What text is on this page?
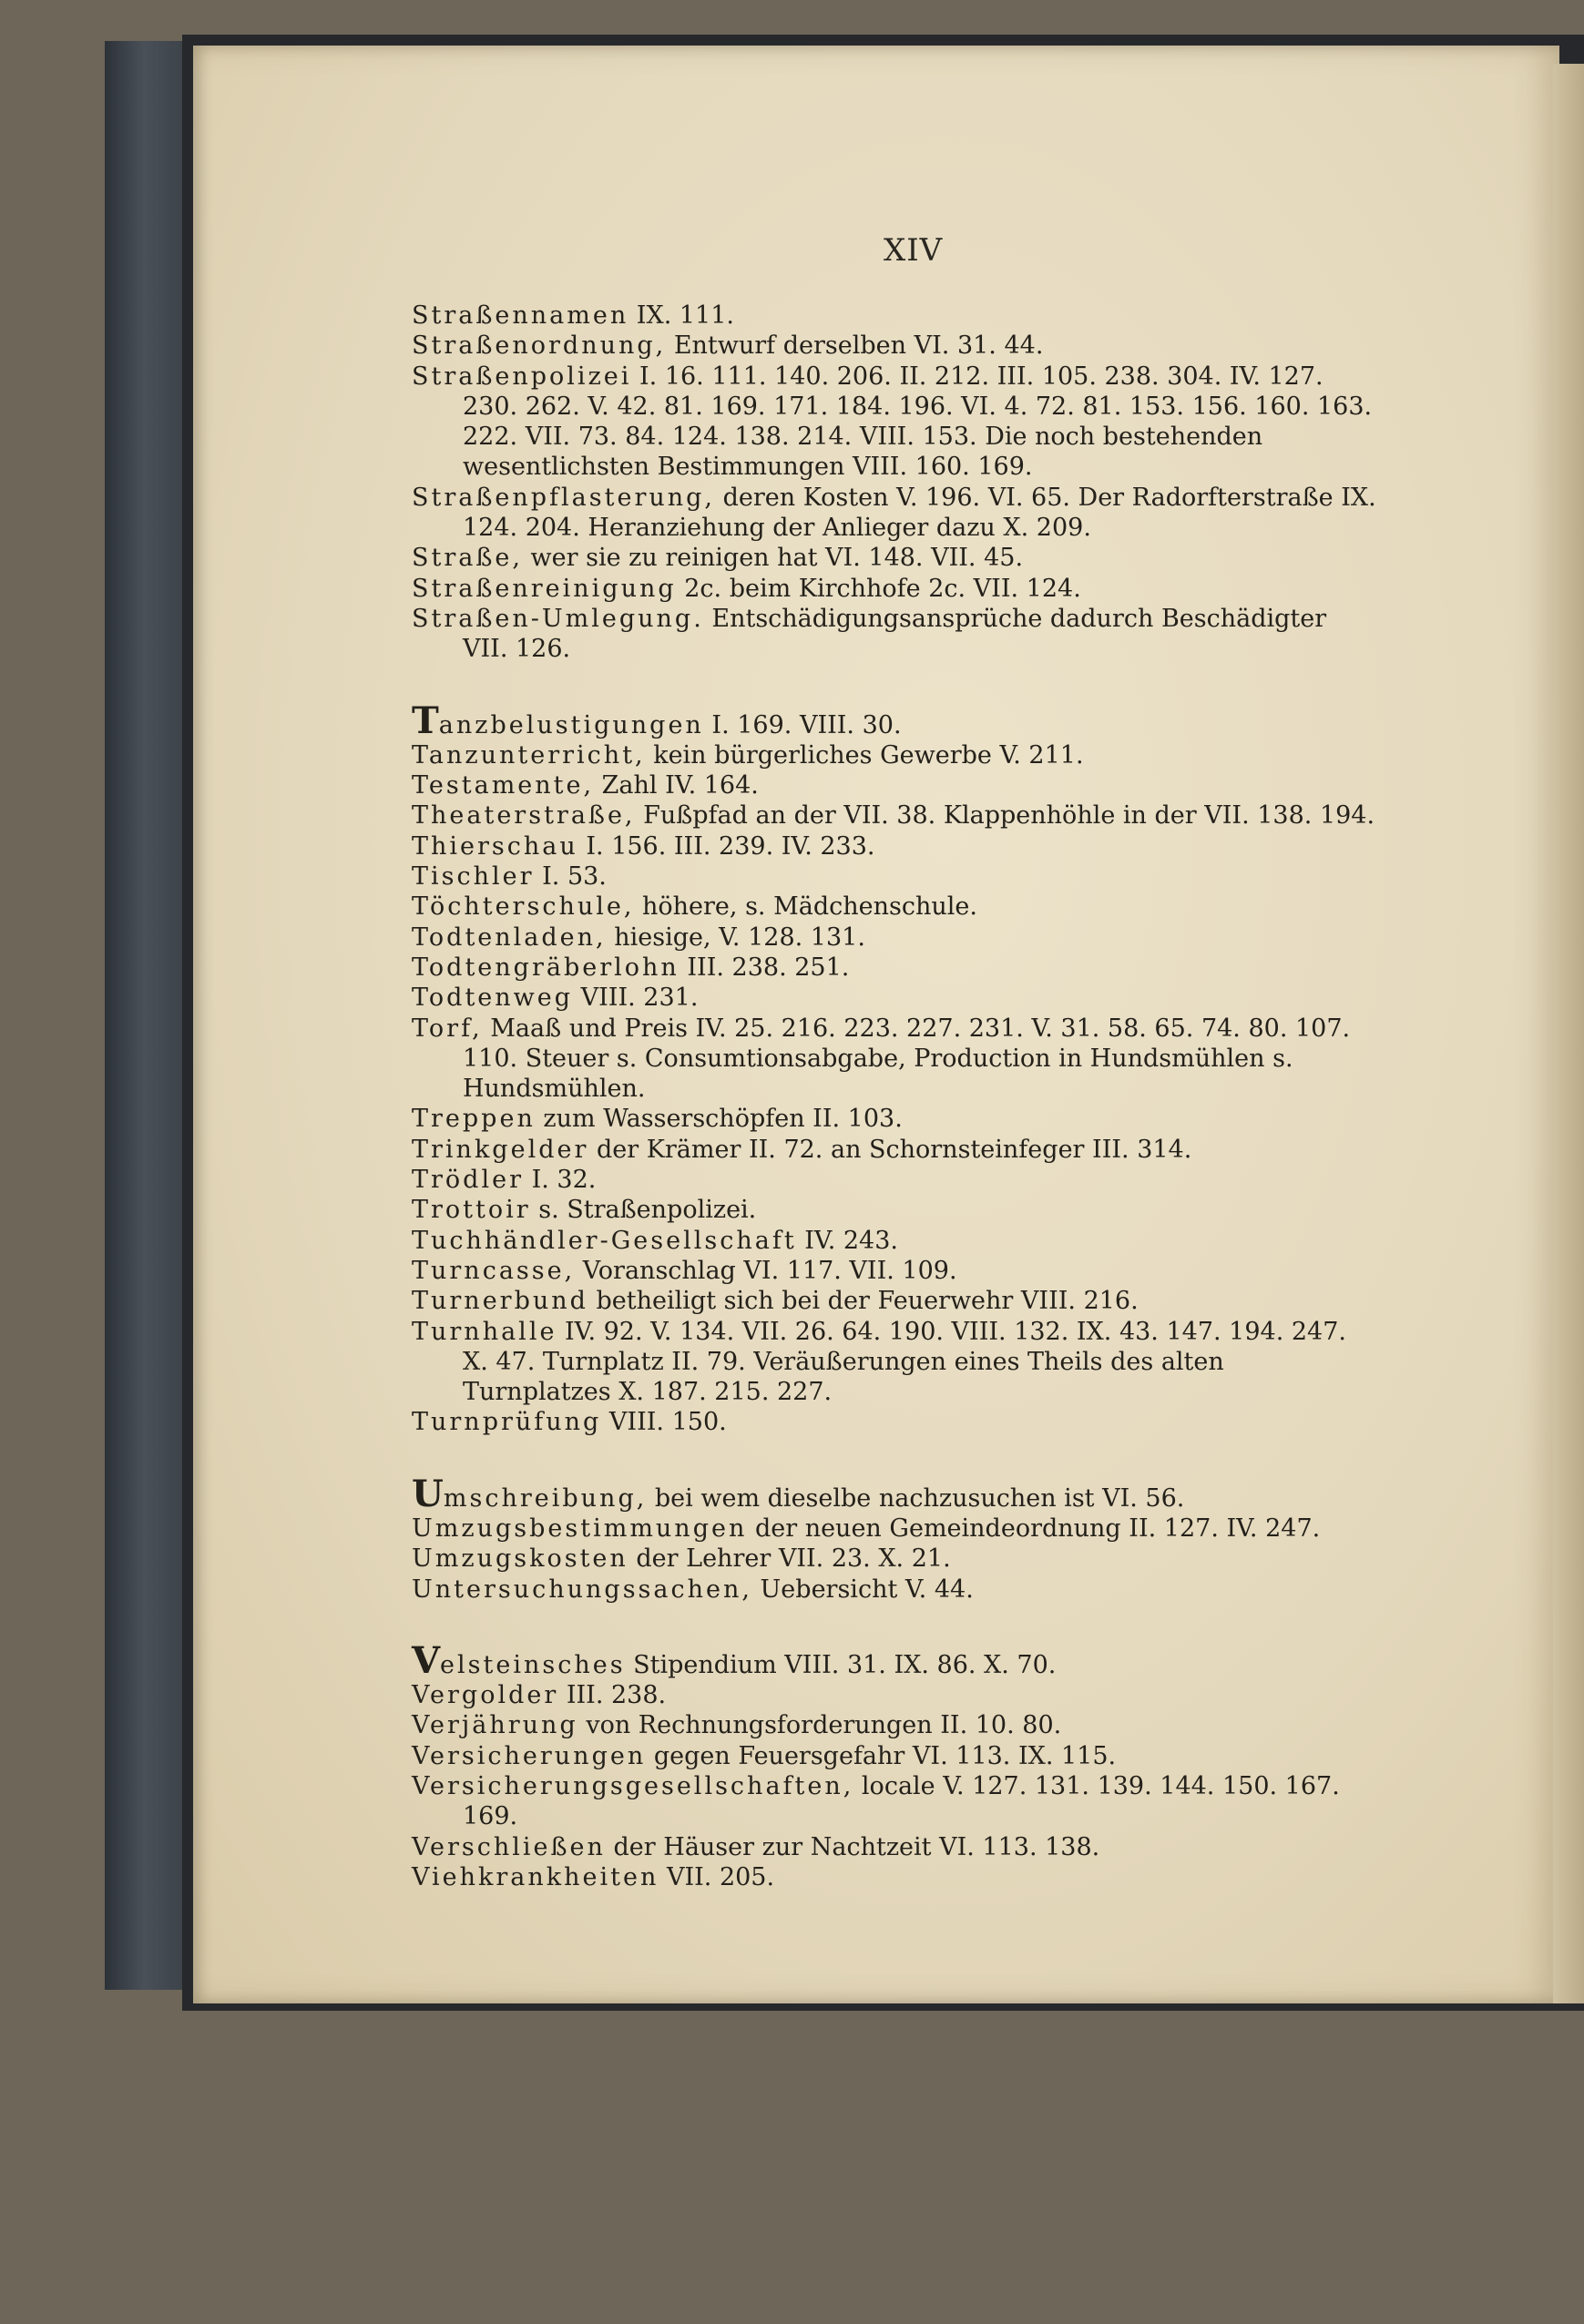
XIV

Straßennamen IX. 111.

Straßenordnung, Entwurf derselben VI. 31. 44.

Straßenpolizei I. 16. 111. 140. 206. II. 212. III. 105. 238. 304. IV. 127. 230. 262. V. 42. 81. 169. 171. 184. 196. VI. 4. 72. 81. 153. 156. 160. 163. 222. VII. 73. 84. 124. 138. 214. VIII. 153. Die noch bestehenden wesentlichsten Bestimmungen VIII. 160. 169.

Straßenpflasterung, deren Kosten V. 196. VI. 65. Der Radorfterstraße IX. 124. 204. Heranziehung der Anlieger dazu X. 209.

Straße, wer sie zu reinigen hat VI. 148. VII. 45.

Straßenreinigung 2c. beim Kirchhofe 2c. VII. 124.

Straßen-Umlegung. Entschädigungsansprüche dadurch Beschädigter VII. 126.

Tanzbelustigungen I. 169. VIII. 30.

Tanzunterricht, kein bürgerliches Gewerbe V. 211.

Testamente, Zahl IV. 164.

Theaterstraße, Fußpfad an der VII. 38. Klappenhöhle in der VII. 138. 194.

Thierschau I. 156. III. 239. IV. 233.

Tischler I. 53.

Töchterschule, höhere, s. Mädchenschule.

Todtenladen, hiesige, V. 128. 131.

Todtengräberlohn III. 238. 251.

Todtenweg VIII. 231.

Torf, Maaß und Preis IV. 25. 216. 223. 227. 231. V. 31. 58. 65. 74. 80. 107. 110. Steuer s. Consumtionsabgabe, Production in Hundsmühlen s. Hundsmühlen.

Treppen zum Wasserschöpfen II. 103.

Trinkgelder der Krämer II. 72. an Schornsteinfeger III. 314.

Trödler I. 32.

Trottoir s. Straßenpolizei.

Tuchhändler-Gesellschaft IV. 243.

Turncasse, Voranschlag VI. 117. VII. 109.

Turnerbund betheiligt sich bei der Feuerwehr VIII. 216.

Turnhalle IV. 92. V. 134. VII. 26. 64. 190. VIII. 132. IX. 43. 147. 194. 247. X. 47. Turnplatz II. 79. Veräußerungen eines Theils des alten Turnplatzes X. 187. 215. 227.

Turnprüfung VIII. 150.

Umschreibung, bei wem dieselbe nachzusuchen ist VI. 56.

Umzugsbestimmungen der neuen Gemeindeordnung II. 127. IV. 247.

Umzugskosten der Lehrer VII. 23. X. 21.

Untersuchungssachen, Uebersicht V. 44.

Velsteinsches Stipendium VIII. 31. IX. 86. X. 70.

Vergolder III. 238.

Verjährung von Rechnungsforderungen II. 10. 80.

Versicherungen gegen Feuersgefahr VI. 113. IX. 115.

Versicherungsgesellschaften, locale V. 127. 131. 139. 144. 150. 167. 169.

Verschließen der Häuser zur Nachtzeit VI. 113. 138.

Viehkrankheiten VII. 205.
